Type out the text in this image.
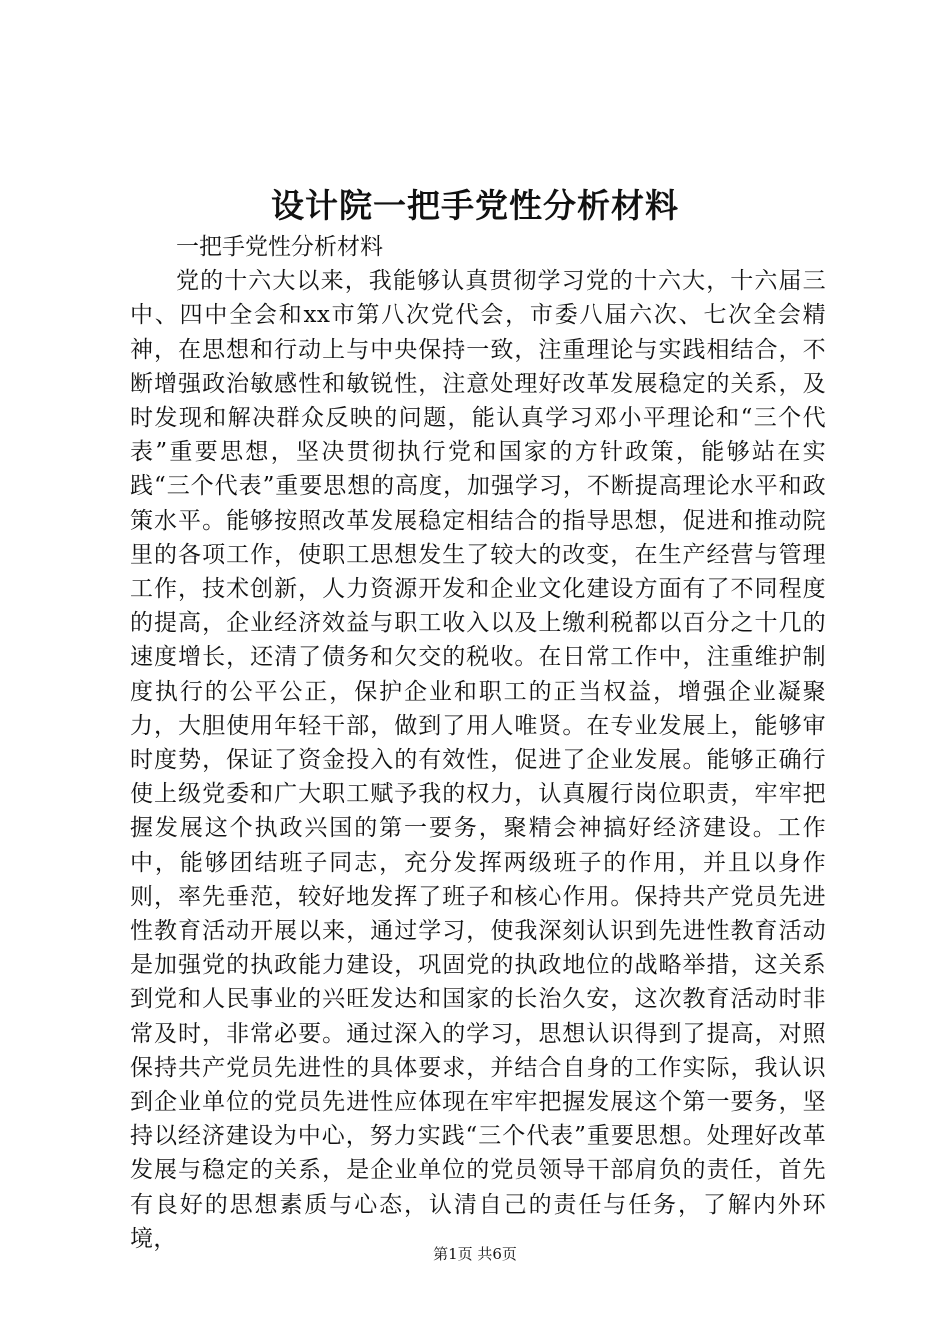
设计院一把手党性分析材料

一把手党性分析材料

党的十六大以来，我能够认真贯彻学习党的十六大，十六届三中、四中全会和xx市第八次党代会，市委八届六次、七次全会精神，在思想和行动上与中央保持一致，注重理论与实践相结合，不断增强政治敏感性和敏锐性，注意处理好改革发展稳定的关系，及时发现和解决群众反映的问题，能认真学习邓小平理论和“三个代表”重要思想，坚决贯彻执行党和国家的方针政策，能够站在实践“三个代表”重要思想的高度，加强学习，不断提高理论水平和政策水平。能够按照改革发展稳定相结合的指导思想，促进和推动院里的各项工作，使职工思想发生了较大的改变，在生产经营与管理工作，技术创新，人力资源开发和企业文化建设方面有了不同程度的提高，企业经济效益与职工收入以及上缴利税都以百分之十几的速度增长，还清了债务和欠交的税收。在日常工作中，注重维护制度执行的公平公正，保护企业和职工的正当权益，增强企业凝聚力，大胆使用年轻干部，做到了用人唯贤。在专业发展上，能够审时度势，保证了资金投入的有效性，促进了企业发展。能够正确行使上级党委和广大职工赋予我的权力，认真履行岗位职责，牢牢把握发展这个执政兴国的第一要务，聚精会神搞好经济建设。工作中，能够团结班子同志，充分发挥两级班子的作用，并且以身作则，率先垂范，较好地发挥了班子和核心作用。保持共产党员先进性教育活动开展以来，通过学习，使我深刻认识到先进性教育活动是加强党的执政能力建设，巩固党的执政地位的战略举措，这关系到党和人民事业的兴旺发达和国家的长治久安，这次教育活动时非常及时，非常必要。通过深入的学习，思想认识得到了提高，对照保持共产党员先进性的具体要求，并结合自身的工作实际，我认识到企业单位的党员先进性应体现在牢牢把握发展这个第一要务，坚持以经济建设为中心，努力实践“三个代表”重要思想。处理好改革发展与稳定的关系，是企业单位的党员领导干部肩负的责任，首先有良好的思想素质与心态，认清自己的责任与任务，了解内外环境，

第1页 共6页
